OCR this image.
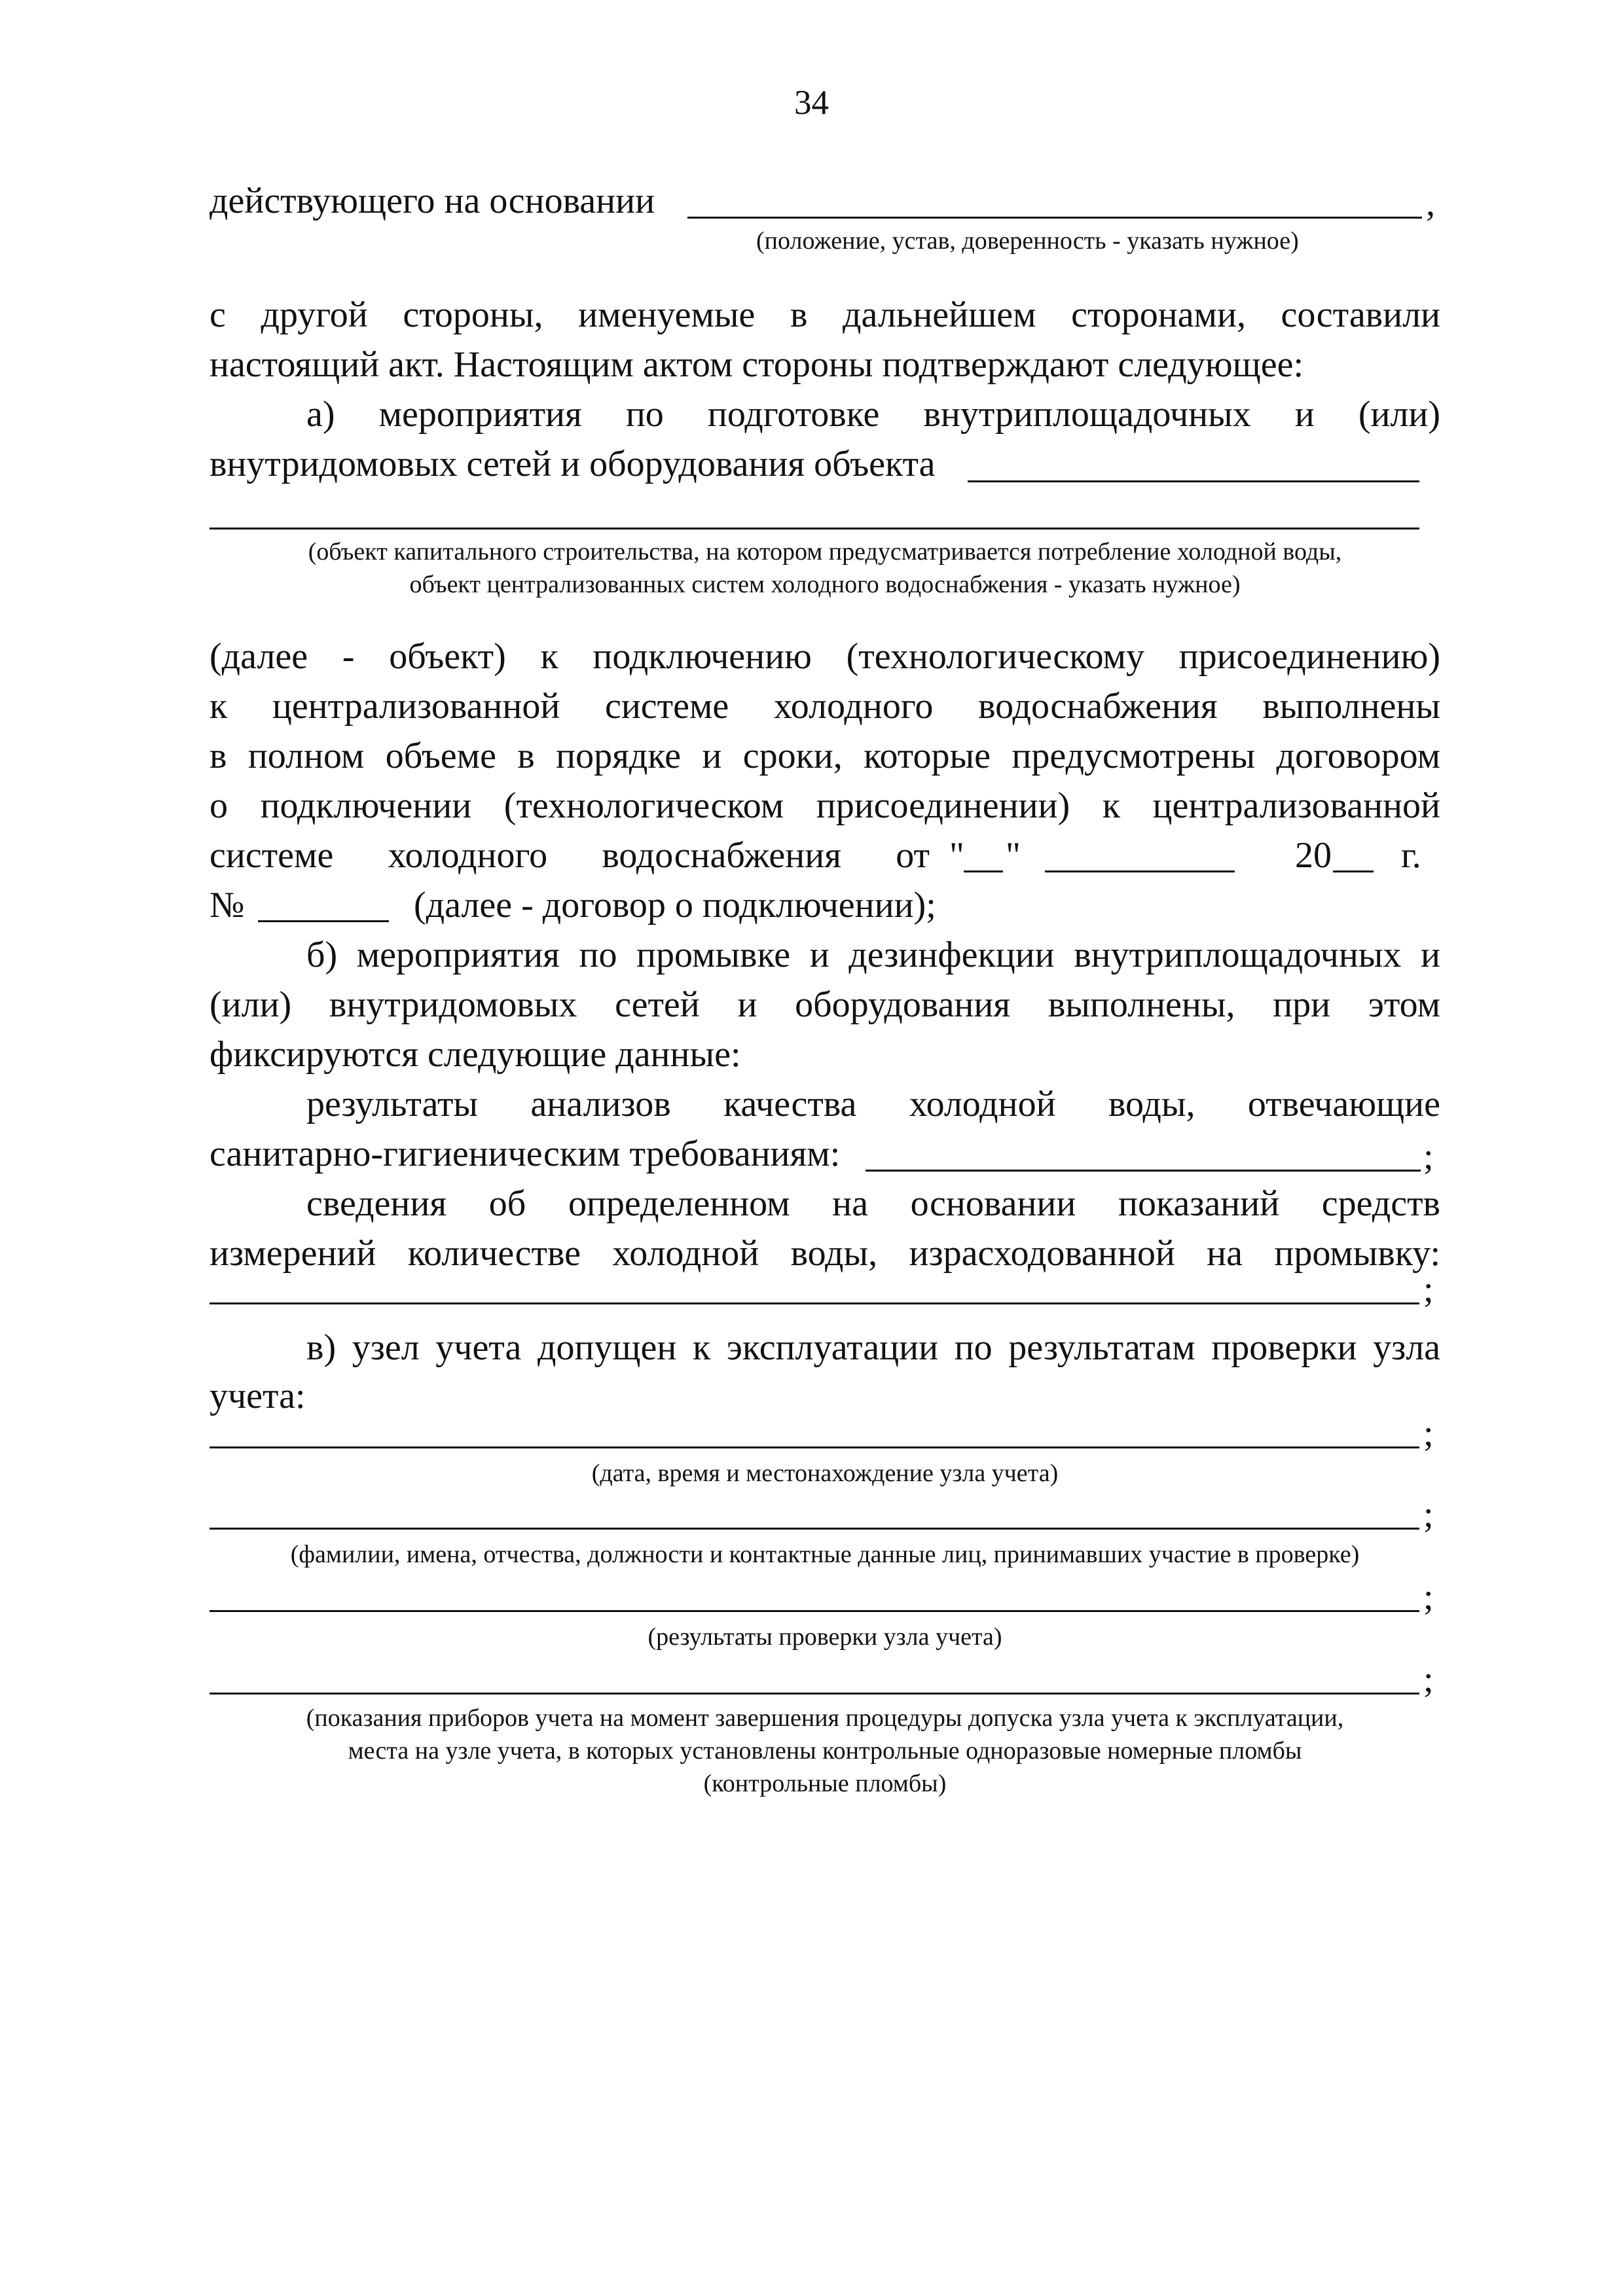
34
действующего на основании	,
(положение, устав, доверенность - указать нужное)
с другой стороны, именуемые в дальнейшем сторонами, составили
настоящий акт. Настоящим актом стороны подтверждают следующее:
а) мероприятия по подготовке внутриплощадочных и (или)
внутридомовых сетей и оборудования объекта
(объект капитального строительства, на котором предусматривается потребление холодной воды,
объект централизованных систем холодного водоснабжения - указать нужное)
(далее - объект) к подключению (технологическому присоединению)
к централизованной системе холодного водоснабжения выполнены
в полном объеме в порядке и сроки, которые предусмотрены договором
о подключении (технологическом присоединении) к централизованной
системе холодного водоснабжения от " "	20 г.
№	(далее - договор о подключении);
б) мероприятия по промывке и дезинфекции внутриплощадочных и
(или) внутридомовых сетей и оборудования выполнены, при этом
фиксируются следующие данные:
результаты анализов качества холодной воды, отвечающие
санитарно-гигиеническим требованиям:	;
сведения об определенном на основании показаний средств
измерений количестве холодной воды, израсходованной на промывку:
;
в) узел учета допущен к эксплуатации по результатам проверки узла
учета:
;
(дата, время и местонахождение узла учета)
;
(фамилии, имена, отчества, должности и контактные данные лиц, принимавших участие в проверке)
;
(результаты проверки узла учета)
;
(показания приборов учета на момент завершения процедуры допуска узла учета к эксплуатации,
места на узле учета, в которых установлены контрольные одноразовые номерные пломбы
(контрольные пломбы)
